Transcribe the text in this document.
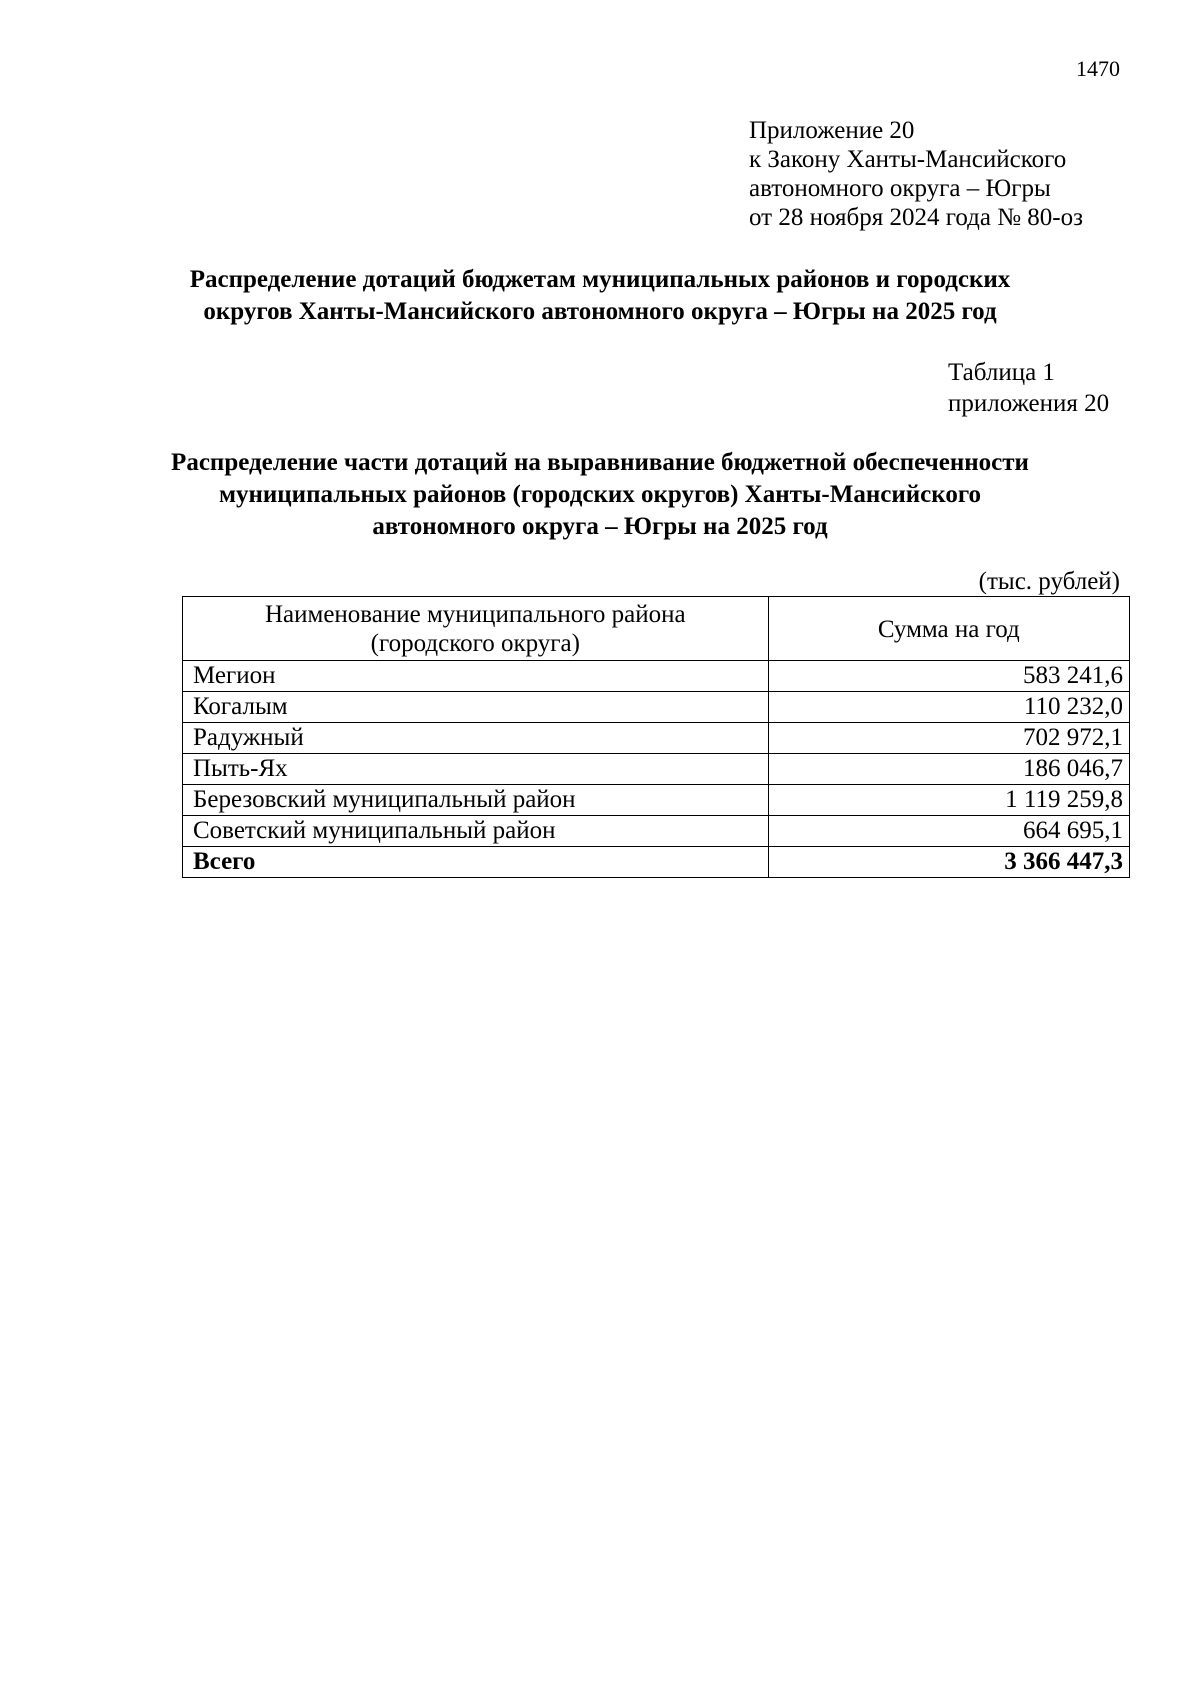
1470
Приложение 20
к Закону Ханты-Мансийского
автономного округа – Югры
от 28 ноября 2024 года № 80-оз
Распределение дотаций бюджетам муниципальных районов и городских
округов Ханты-Мансийского автономного округа – Югры на 2025 год
Таблица 1
приложения 20
Распределение части дотаций на выравнивание бюджетной обеспеченности
муниципальных районов (городских округов) Ханты-Мансийского
автономного округа – Югры на 2025 год
(тыс. рублей)
Наименование муниципального района
(городского округа)	Сумма на год
Мегион	583 241,6
Когалым	110 232,0
Радужный	702 972,1
Пыть-Ях	186 046,7
Березовский муниципальный район	1 119 259,8
Советский муниципальный район	664 695,1
Всего	3 366 447,3
